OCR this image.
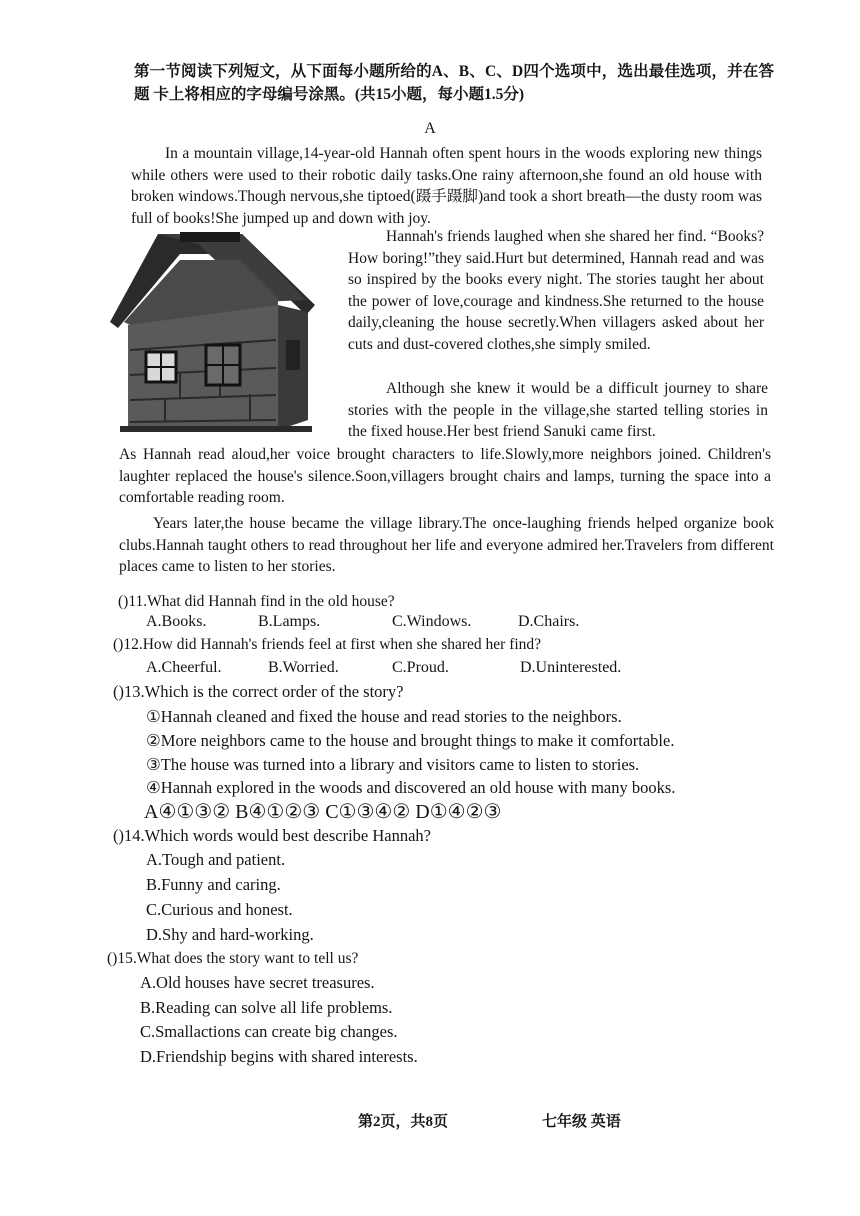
第一节阅读下列短文，从下面每小题所给的A、B、C、D四个选项中，选出最佳选项，并在答题 卡上将相应的字母编号涂黑。(共15小题，每小题1.5分)
A

In a mountain village,14-year-old Hannah often spent hours in the woods exploring new things while others were used to their robotic daily tasks.One rainy afternoon,she found an old house with broken windows.Though nervous,she tiptoed(蹑手蹑脚)and took a short breath—the dusty room was full of books!She jumped up and down with joy.

Hannah's friends laughed when she shared her find. “Books?How boring!”they said.Hurt but determined, Hannah read and was so inspired by the books every night. The stories taught her about the power of love,courage and kindness.She returned to the house daily,cleaning the house secretly.When villagers asked about her cuts and dust-covered clothes,she simply smiled.

Although she knew it would be a difficult journey to share stories with the people in the village,she started telling stories in the fixed house.Her best friend Sanuki came first.

As Hannah read aloud,her voice brought characters to life.Slowly,more neighbors joined. Children's laughter replaced the house's silence.Soon,villagers brought chairs and lamps, turning the space into a comfortable reading room.

Years later,the house became the village library.The once-laughing friends helped organize book clubs.Hannah taught others to read throughout her life and everyone admired her.Travelers from different places came to listen to her stories.

()11.What did Hannah find in the old house?
A.Books.	B.Lamps.	C.Windows.	D.Chairs.
()12.How did Hannah's friends feel at first when she shared her find?
A.Cheerful.	B.Worried.	C.Proud.	D.Uninterested.
()13.Which is the correct order of the story?
①Hannah cleaned and fixed the house and read stories to the neighbors.
②More neighbors came to the house and brought things to make it comfortable.
③The house was turned into a library and visitors came to listen to stories.
④Hannah explored in the woods and discovered an old house with many books.
A④①③② B④①②③ C①③④② D①④②③
()14.Which words would best describe Hannah?
A.Tough and patient.
B.Funny and caring.
C.Curious and honest.
D.Shy and hard-working.
()15.What does the story want to tell us?
A.Old houses have secret treasures.
B.Reading can solve all life problems.
C.Smallactions can create big changes.
D.Friendship begins with shared interests.
第2页，共8页	七年级 英语
